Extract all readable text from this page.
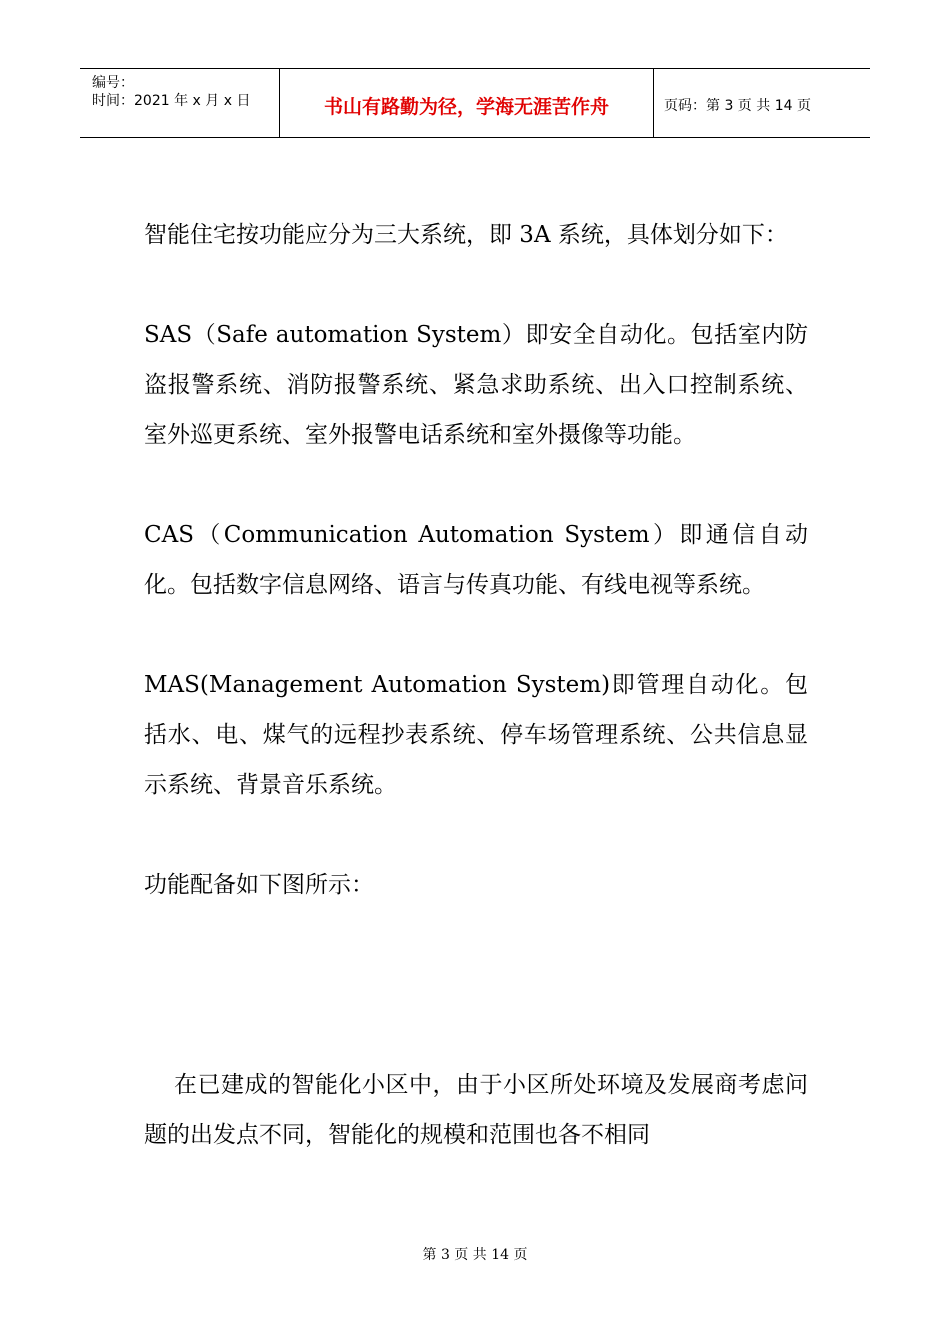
编号：
时间：2021 年 x 月 x 日	书山有路勤为径，学海无涯苦作舟	页码：第 3 页 共 14 页

智能住宅按功能应分为三大系统，即 3A 系统，具体划分如下：

SAS（Safe automation System）即安全自动化。包括室内防盗报警系统、消防报警系统、紧急求助系统、出入口控制系统、室外巡更系统、室外报警电话系统和室外摄像等功能。

CAS（Communication Automation System）即通信自动化。包括数字信息网络、语言与传真功能、有线电视等系统。

MAS(Management Automation System)即管理自动化。包括水、电、煤气的远程抄表系统、停车场管理系统、公共信息显示系统、背景音乐系统。

功能配备如下图所示：

在已建成的智能化小区中，由于小区所处环境及发展商考虑问题的出发点不同，智能化的规模和范围也各不相同

第 3 页 共 14 页
